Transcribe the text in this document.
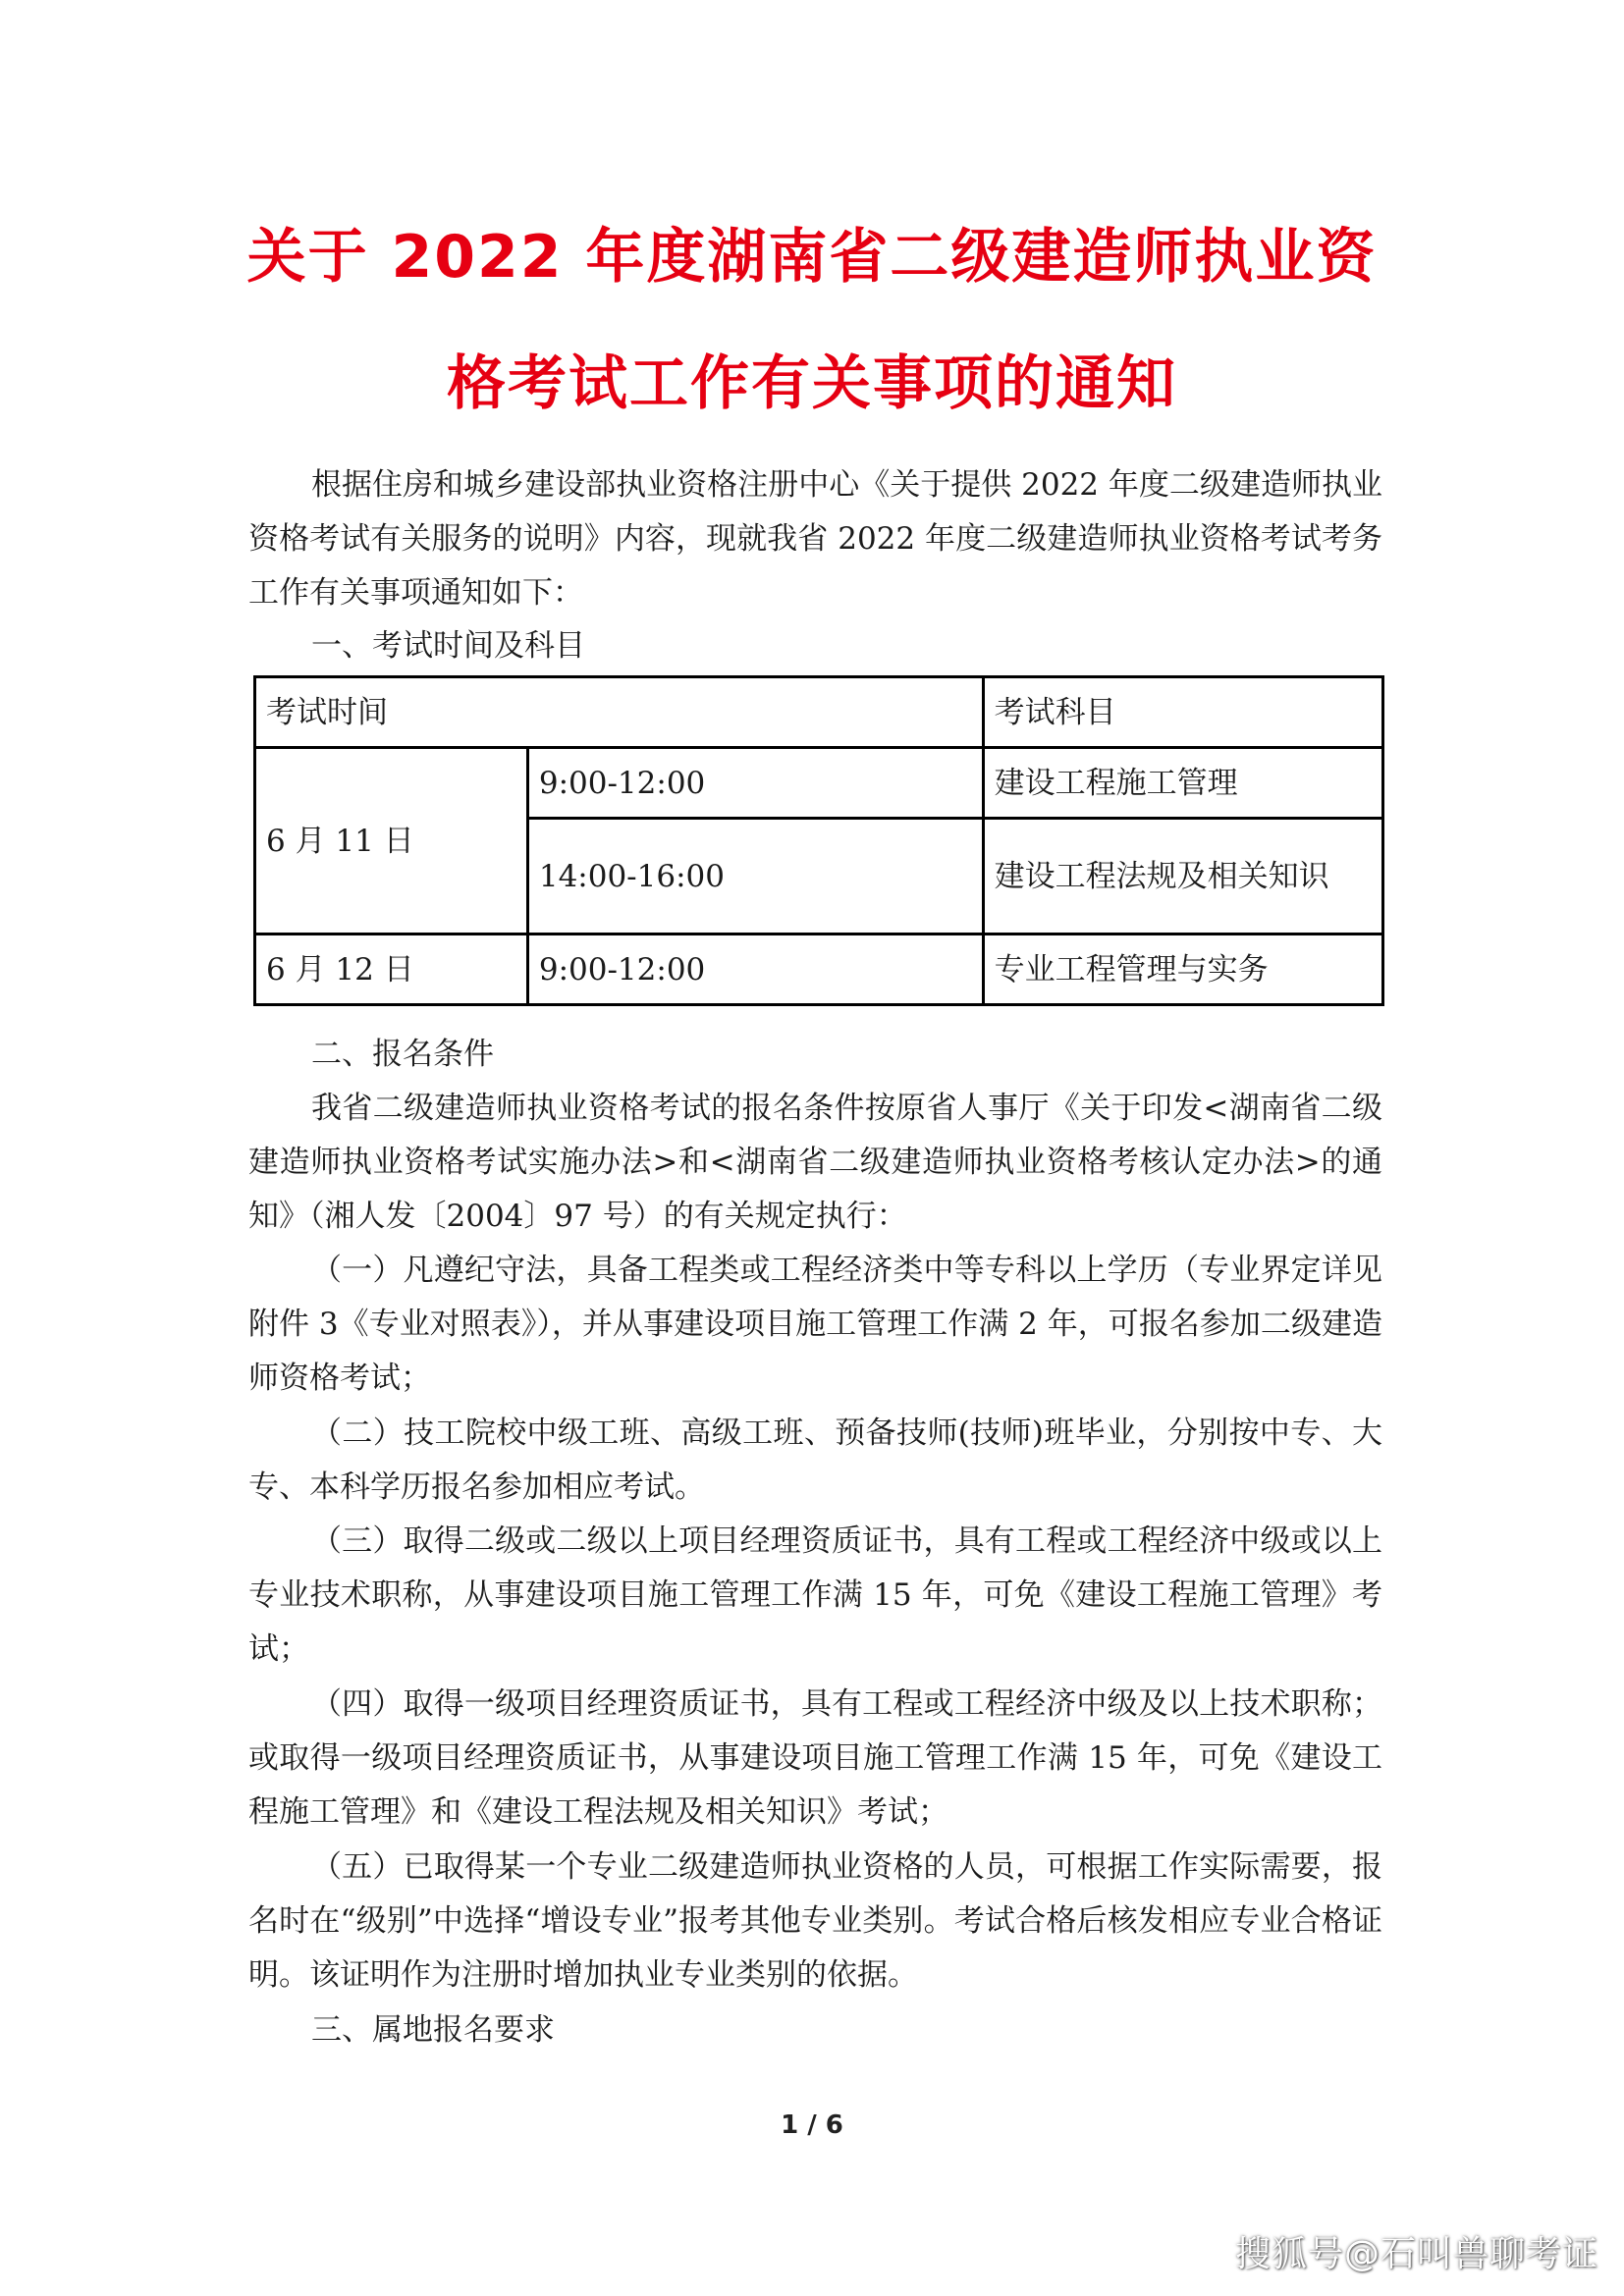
关于 2022 年度湖南省二级建造师执业资
格考试工作有关事项的通知

根据住房和城乡建设部执业资格注册中心《关于提供 2022 年度二级建造师执业资格考试有关服务的说明》内容，现就我省 2022 年度二级建造师执业资格考试考务工作有关事项通知如下：

一、考试时间及科目

考试时间		考试科目
6 月 11 日	9:00-12:00	建设工程施工管理
	14:00-16:00	建设工程法规及相关知识
6 月 12 日	9:00-12:00	专业工程管理与实务

二、报名条件

我省二级建造师执业资格考试的报名条件按原省人事厅《关于印发<湖南省二级建造师执业资格考试实施办法>和<湖南省二级建造师执业资格考核认定办法>的通知》（湘人发〔2004〕97 号）的有关规定执行：

（一）凡遵纪守法，具备工程类或工程经济类中等专科以上学历（专业界定详见附件 3《专业对照表》），并从事建设项目施工管理工作满 2 年，可报名参加二级建造师资格考试；

（二）技工院校中级工班、高级工班、预备技师(技师)班毕业，分别按中专、大专、本科学历报名参加相应考试。

（三）取得二级或二级以上项目经理资质证书，具有工程或工程经济中级或以上专业技术职称，从事建设项目施工管理工作满 15 年，可免《建设工程施工管理》考试；

（四）取得一级项目经理资质证书，具有工程或工程经济中级及以上技术职称；或取得一级项目经理资质证书，从事建设项目施工管理工作满 15 年，可免《建设工程施工管理》和《建设工程法规及相关知识》考试；

（五）已取得某一个专业二级建造师执业资格的人员，可根据工作实际需要，报名时在“级别”中选择“增设专业”报考其他专业类别。考试合格后核发相应专业合格证明。该证明作为注册时增加执业专业类别的依据。

三、属地报名要求

1 / 6
搜狐号@石叫兽聊考证
